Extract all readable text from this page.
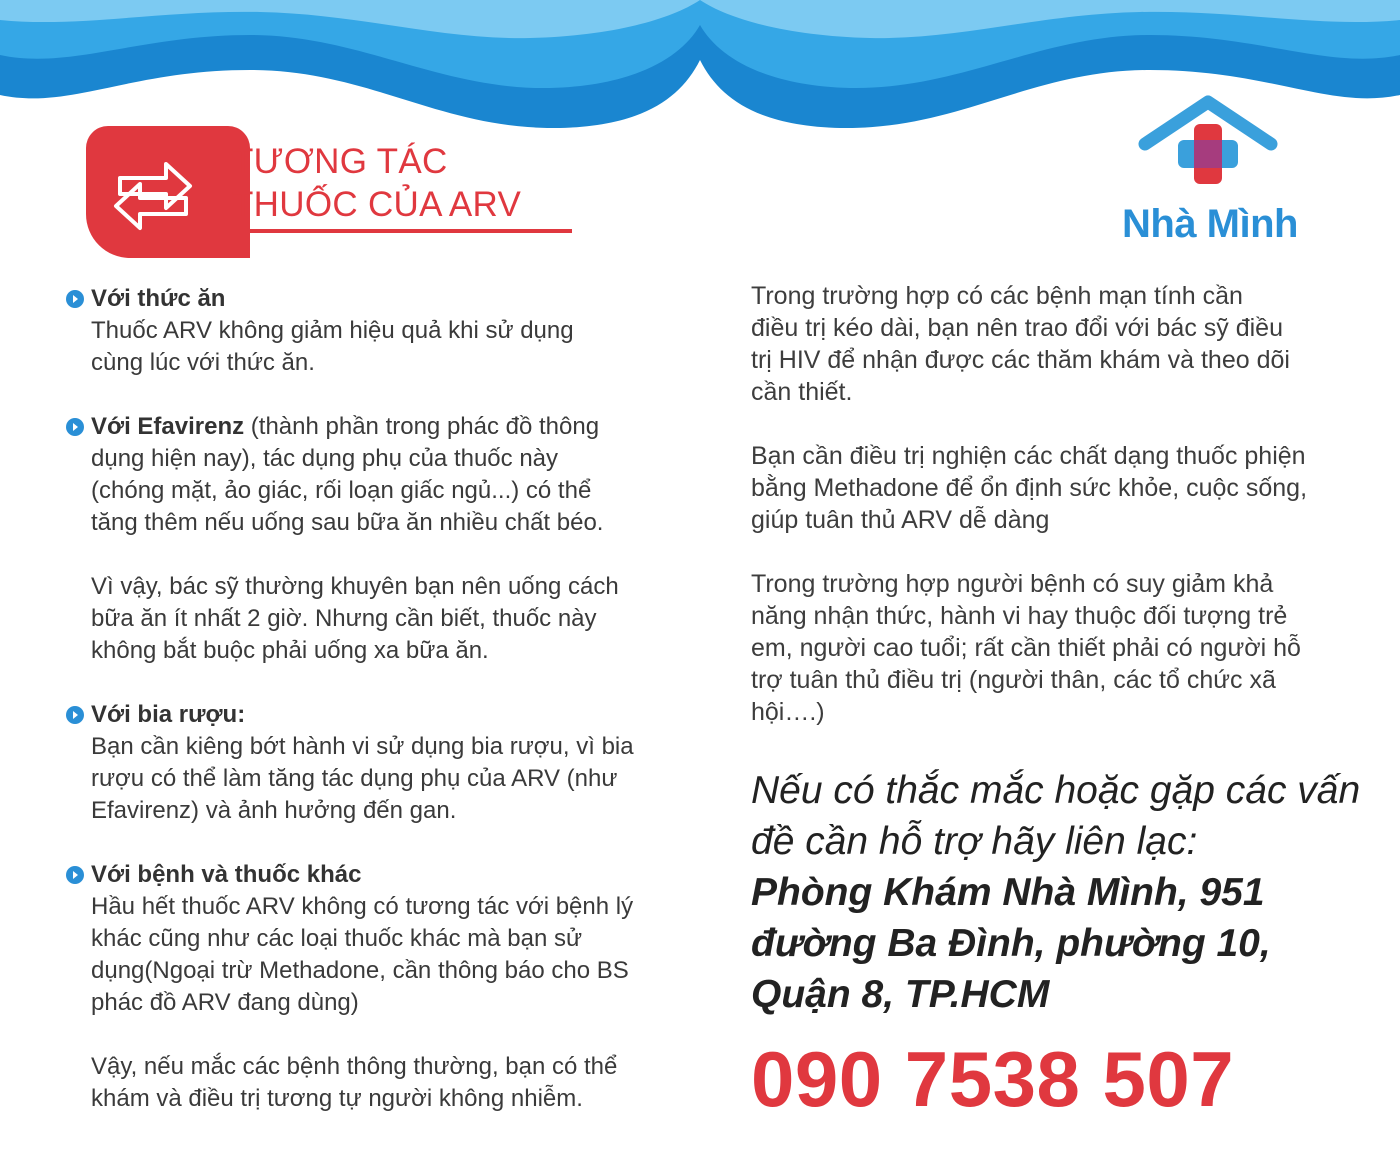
TƯƠNG TÁC
THUỐC CỦA ARV	Nhà Mình
Với thức ăn
Thuốc ARV không giảm hiệu quả khi sử dụng cùng lúc với thức ăn.
Với Efavirenz (thành phần trong phác đồ thông dụng hiện nay), tác dụng phụ của thuốc này (chóng mặt, ảo giác, rối loạn giấc ngủ...) có thể tăng thêm nếu uống sau bữa ăn nhiều chất béo.
Vì vậy, bác sỹ thường khuyên bạn nên uống cách bữa ăn ít nhất 2 giờ. Nhưng cần biết, thuốc này không bắt buộc phải uống xa bữa ăn.
Với bia rượu:
Bạn cần kiêng bớt hành vi sử dụng bia rượu, vì bia rượu có thể làm tăng tác dụng phụ của ARV (như Efavirenz) và ảnh hưởng đến gan.
Với bệnh và thuốc khác
Hầu hết thuốc ARV không có tương tác với bệnh lý khác cũng như các loại thuốc khác mà bạn sử dụng(Ngoại trừ Methadone, cần thông báo cho BS phác đồ ARV đang dùng)
Vậy, nếu mắc các bệnh thông thường, bạn có thể khám và điều trị tương tự người không nhiễm.
Trong trường hợp có các bệnh mạn tính cần điều trị kéo dài, bạn nên trao đổi với bác sỹ điều trị HIV để nhận được các thăm khám và theo dõi cần thiết.
Bạn cần điều trị nghiện các chất dạng thuốc phiện bằng Methadone để ổn định sức khỏe, cuộc sống, giúp tuân thủ ARV dễ dàng
Trong trường hợp người bệnh có suy giảm khả năng nhận thức, hành vi hay thuộc đối tượng trẻ em, người cao tuổi; rất cần thiết phải có người hỗ trợ tuân thủ điều trị (người thân, các tổ chức xã hội….)
Nếu có thắc mắc hoặc gặp các vấn
đề cần hỗ trợ hãy liên lạc:
Phòng Khám Nhà Mình, 951
đường Ba Đình, phường 10,
Quận 8, TP.HCM
090 7538 507
